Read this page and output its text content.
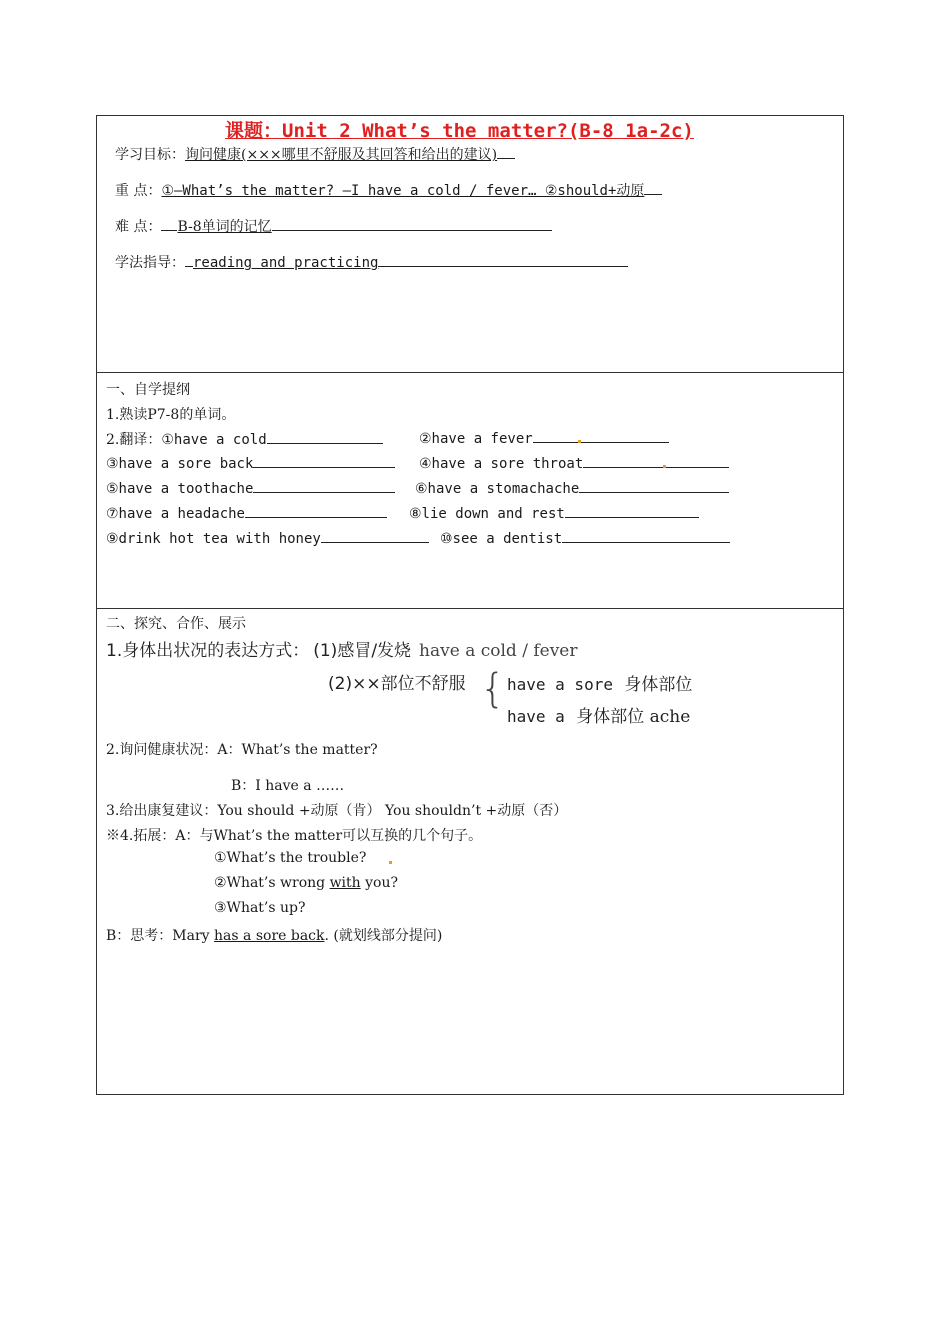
课题：Unit 2 What’s the matter?(B-8 1a-2c)
学习目标：询问健康(×××哪里不舒服及其回答和给出的建议)
重 点：①—What’s the matter? —I have a cold / fever… ②should+动原
难 点： B-8单词的记忆
学法指导： reading and practicing
一、自学提纲
1.熟读P7-8的单词。
2.翻译：①have a cold	②have a fever
③have a sore back	④have a sore throat
⑤have a toothache	⑥have a stomachache
⑦have a headache	⑧lie down and rest
⑨drink hot tea with honey	⑩see a dentist
二、探究、合作、展示
1.身体出状况的表达方式： (1)感冒/发烧 have a cold / fever
(2)××部位不舒服 { have a sore 身体部位
have a 身体部位 ache
2.询问健康状况：A：What’s the matter?
B：I have a ……
3.给出康复建议：You should +动原（肯） You shouldn’t +动原（否）
※4.拓展：A：与What’s the matter可以互换的几个句子。
①What’s the trouble?
②What’s wrong with you?
③What’s up?
B：思考：Mary has a sore back. (就划线部分提问)
